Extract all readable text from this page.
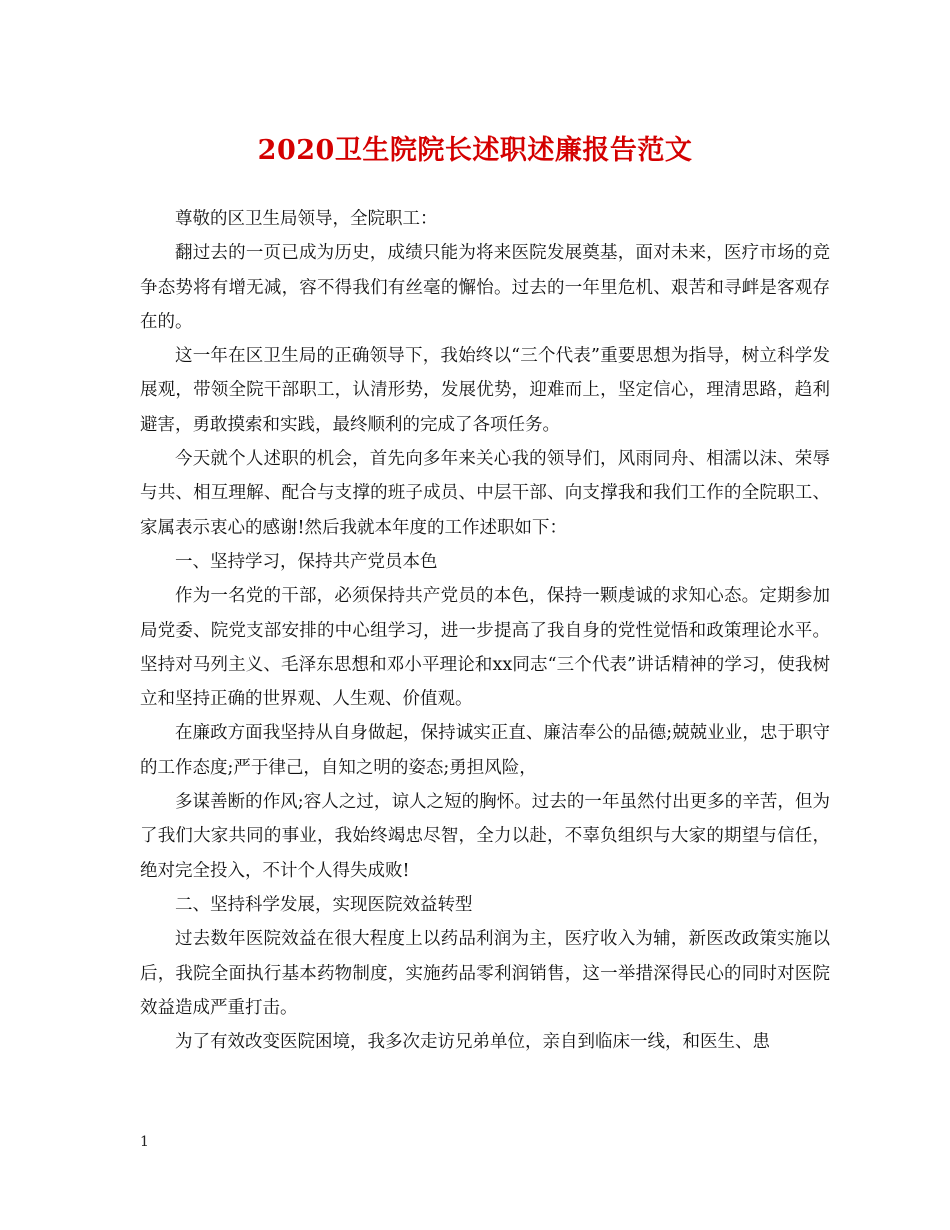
2020卫生院院长述职述廉报告范文

尊敬的区卫生局领导，全院职工：

翻过去的一页已成为历史，成绩只能为将来医院发展奠基，面对未来，医疗市场的竞争态势将有增无减，容不得我们有丝毫的懈怡。过去的一年里危机、艰苦和寻衅是客观存在的。

这一年在区卫生局的正确领导下，我始终以“三个代表”重要思想为指导，树立科学发展观，带领全院干部职工，认清形势，发展优势，迎难而上，坚定信心，理清思路，趋利避害，勇敢摸索和实践，最终顺利的完成了各项任务。

今天就个人述职的机会，首先向多年来关心我的领导们，风雨同舟、相濡以沫、荣辱与共、相互理解、配合与支撑的班子成员、中层干部、向支撑我和我们工作的全院职工、家属表示衷心的感谢!然后我就本年度的工作述职如下：

一、坚持学习，保持共产党员本色

作为一名党的干部，必须保持共产党员的本色，保持一颗虔诚的求知心态。定期参加局党委、院党支部安排的中心组学习，进一步提高了我自身的党性觉悟和政策理论水平。坚持对马列主义、毛泽东思想和邓小平理论和xx同志“三个代表”讲话精神的学习，使我树立和坚持正确的世界观、人生观、价值观。

在廉政方面我坚持从自身做起，保持诚实正直、廉洁奉公的品德;兢兢业业，忠于职守的工作态度;严于律己，自知之明的姿态;勇担风险，

多谋善断的作风;容人之过，谅人之短的胸怀。过去的一年虽然付出更多的辛苦，但为了我们大家共同的事业，我始终竭忠尽智，全力以赴，不辜负组织与大家的期望与信任，绝对完全投入，不计个人得失成败!

二、坚持科学发展，实现医院效益转型

过去数年医院效益在很大程度上以药品利润为主，医疗收入为辅，新医改政策实施以后，我院全面执行基本药物制度，实施药品零利润销售，这一举措深得民心的同时对医院效益造成严重打击。

为了有效改变医院困境，我多次走访兄弟单位，亲自到临床一线，和医生、患

1
